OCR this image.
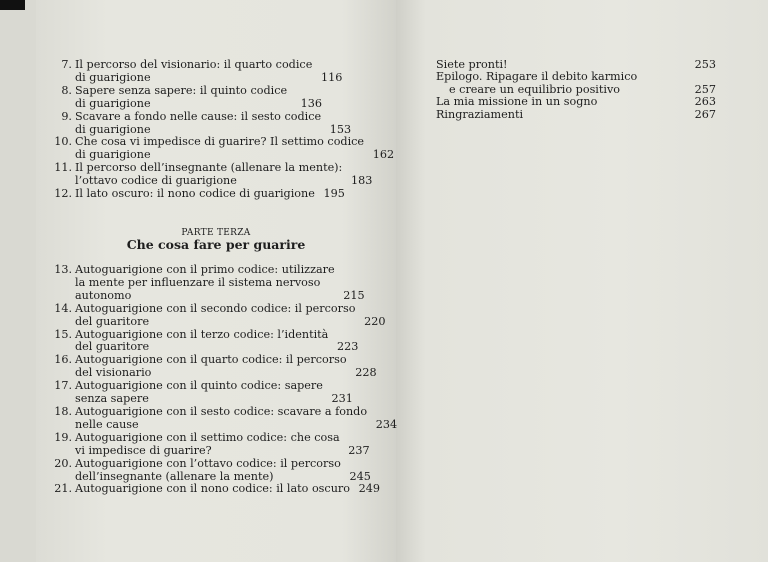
7. Il percorso del visionario: il quarto codice
di guarigione	116
8. Sapere senza sapere: il quinto codice
di guarigione	136
9. Scavare a fondo nelle cause: il sesto codice
di guarigione	153
10. Che cosa vi impedisce di guarire? Il settimo codice
di guarigione	162
11. Il percorso dell’insegnante (allenare la mente):
l’ottavo codice di guarigione	183
12. Il lato oscuro: il nono codice di guarigione 195
PARTE TERZA
Che cosa fare per guarire
13. Autoguarigione con il primo codice: utilizzare
la mente per influenzare il sistema nervoso
autonomo	215
14. Autoguarigione con il secondo codice: il percorso
del guaritore	220
15. Autoguarigione con il terzo codice: l’identità
del guaritore	223
16. Autoguarigione con il quarto codice: il percorso
del visionario	228
17. Autoguarigione con il quinto codice: sapere
senza sapere	231
18. Autoguarigione con il sesto codice: scavare a fondo
nelle cause	234
19. Autoguarigione con il settimo codice: che cosa
vi impedisce di guarire?	237
20. Autoguarigione con l’ottavo codice: il percorso
dell’insegnante (allenare la mente)	245
21. Autoguarigione con il nono codice: il lato oscuro 249
Siete pronti!	253
Epilogo. Ripagare il debito karmico
e creare un equilibrio positivo	257
La mia missione in un sogno	263
Ringraziamenti	267
